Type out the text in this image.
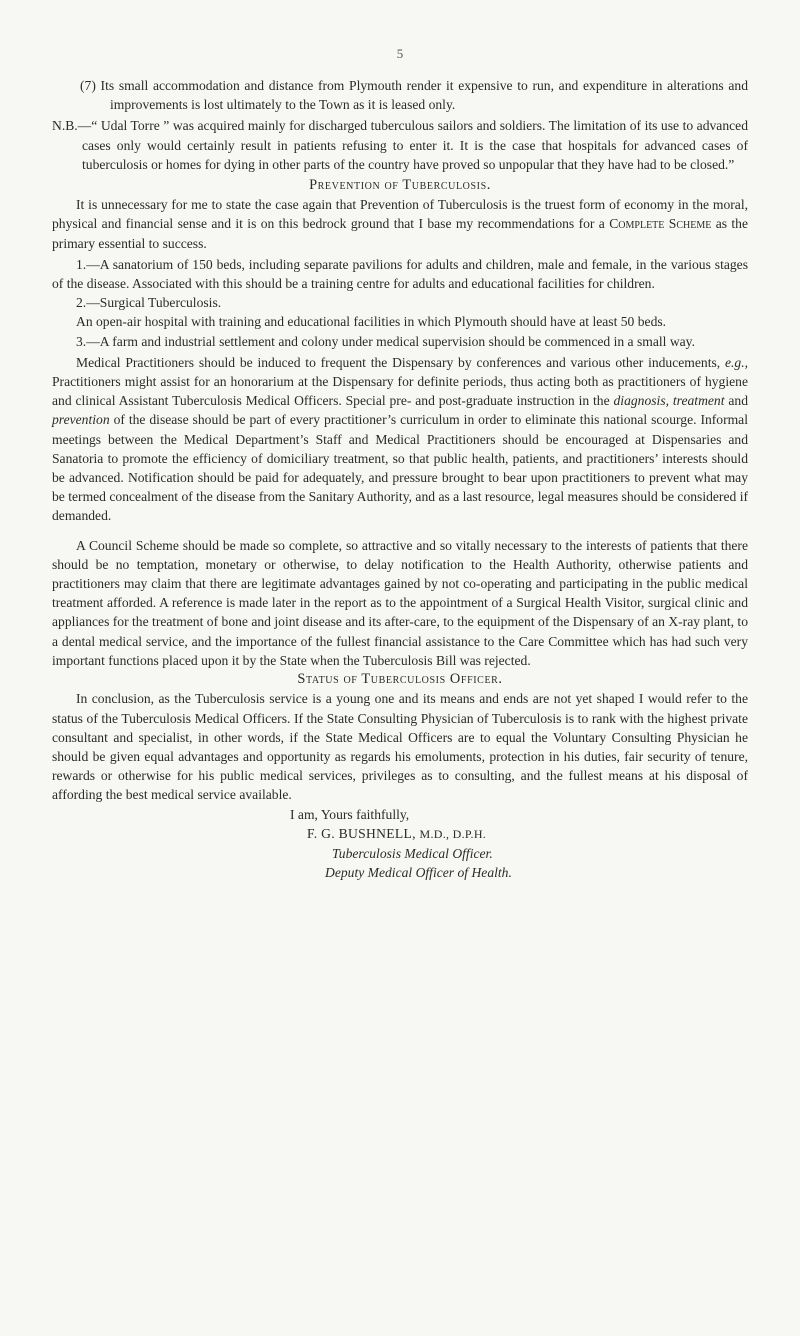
5

(7) Its small accommodation and distance from Plymouth render it expensive to run, and expenditure in alterations and improvements is lost ultimately to the Town as it is leased only.

N.B.—“ Udal Torre ” was acquired mainly for discharged tuberculous sailors and soldiers. The limitation of its use to advanced cases only would certainly result in patients refusing to enter it. It is the case that hospitals for advanced cases of tuberculosis or homes for dying in other parts of the country have proved so unpopular that they have had to be closed.”

Prevention of Tuberculosis.

It is unnecessary for me to state the case again that Prevention of Tuberculosis is the truest form of economy in the moral, physical and financial sense and it is on this bedrock ground that I base my recommendations for a Complete Scheme as the primary essential to success.

1.—A sanatorium of 150 beds, including separate pavilions for adults and children, male and female, in the various stages of the disease. Associated with this should be a training centre for adults and educational facilities for children.

2.—Surgical Tuberculosis.

An open-air hospital with training and educational facilities in which Plymouth should have at least 50 beds.

3.—A farm and industrial settlement and colony under medical supervision should be commenced in a small way.

Medical Practitioners should be induced to frequent the Dispensary by conferences and various other inducements, e.g., Practitioners might assist for an honorarium at the Dispensary for definite periods, thus acting both as practitioners of hygiene and clinical Assistant Tuberculosis Medical Officers. Special pre- and post-graduate instruction in the diagnosis, treatment and prevention of the disease should be part of every practitioner’s curriculum in order to eliminate this national scourge. Informal meetings between the Medical Department’s Staff and Medical Practitioners should be encouraged at Dispensaries and Sanatoria to promote the efficiency of domiciliary treatment, so that public health, patients, and practitioners’ interests should be advanced. Notification should be paid for adequately, and pressure brought to bear upon practitioners to prevent what may be termed concealment of the disease from the Sanitary Authority, and as a last resource, legal measures should be considered if demanded.

A Council Scheme should be made so complete, so attractive and so vitally necessary to the interests of patients that there should be no temptation, monetary or otherwise, to delay notification to the Health Authority, otherwise patients and practitioners may claim that there are legitimate advantages gained by not co-operating and participating in the public medical treatment afforded. A reference is made later in the report as to the appointment of a Surgical Health Visitor, surgical clinic and appliances for the treatment of bone and joint disease and its after-care, to the equipment of the Dispensary of an X-ray plant, to a dental medical service, and the importance of the fullest financial assistance to the Care Committee which has had such very important functions placed upon it by the State when the Tuberculosis Bill was rejected.

Status of Tuberculosis Officer.

In conclusion, as the Tuberculosis service is a young one and its means and ends are not yet shaped I would refer to the status of the Tuberculosis Medical Officers. If the State Consulting Physician of Tuberculosis is to rank with the highest private consultant and specialist, in other words, if the State Medical Officers are to equal the Voluntary Consulting Physician he should be given equal advantages and opportunity as regards his emoluments, protection in his duties, fair security of tenure, rewards or otherwise for his public medical services, privileges as to consulting, and the fullest means at his disposal of affording the best medical service available.

I am, Yours faithfully,

F. G. BUSHNELL, M.D., D.P.H.

Tuberculosis Medical Officer.

Deputy Medical Officer of Health.
